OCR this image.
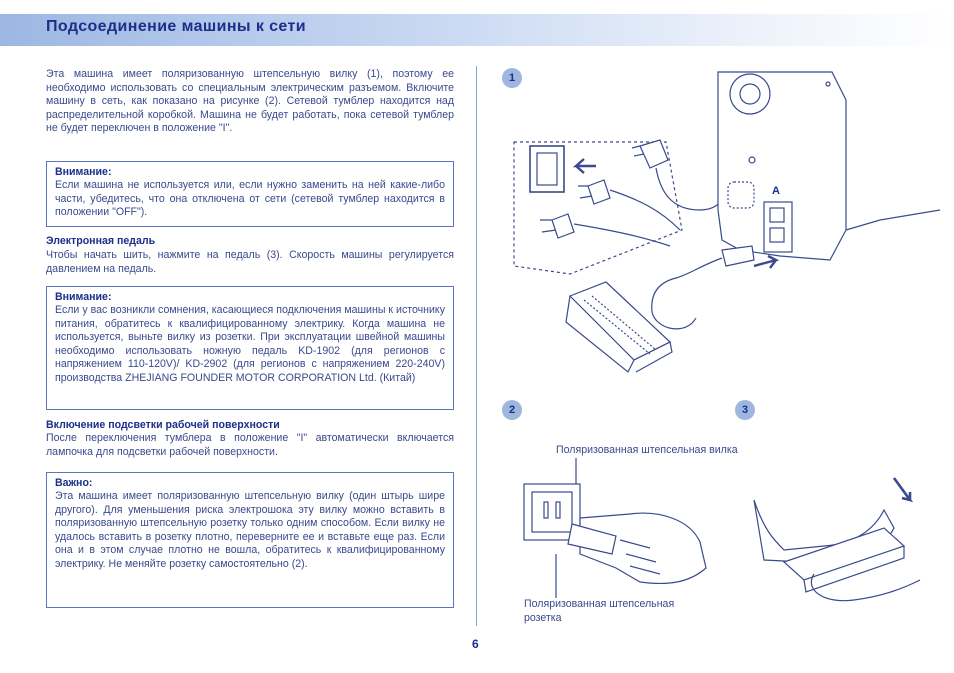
Подсоединение машины к сети
Эта машина имеет поляризованную штепсельную вилку (1), поэтому ее необходимо использовать со специальным электрическим разъемом. Включите машину в сеть, как показано на рисунке (2). Сетевой тумблер находится над распределительной коробкой. Машина не будет работать, пока сетевой тумблер не будет переключен в положение "I".
Внимание:
Если машина не используется или, если нужно заменить на ней какие-либо части, убедитесь, что она отключена от сети (сетевой тумблер находится в положении "OFF").
Электронная педаль
Чтобы начать шить, нажмите на педаль (3). Скорость машины регулируется давлением на педаль.
Внимание:
Если у вас возникли сомнения, касающиеся подключения машины к источнику питания, обратитесь к квалифицированному электрику. Когда машина не используется, выньте вилку из розетки. При эксплуатации швейной машины необходимо использовать ножную педаль KD-1902 (для регионов с напряжением 110-120V)/ KD-2902 (для регионов с напряжением 220-240V) производства ZHEJIANG FOUNDER MOTOR CORPORATION Ltd. (Китай)
Включение подсветки рабочей поверхности
После переключения тумблера в положение "I" автоматически включается лампочка для подсветки рабочей поверхности.
Важно:
Эта машина имеет поляризованную штепсельную вилку (один штырь шире другого). Для уменьшения риска электрошока эту вилку можно вставить в поляризованную штепсельную розетку только одним способом. Если вилку не удалось вставить в розетку плотно, переверните ее и вставьте еще раз. Если она и в этом случае плотно не вошла, обратитесь к квалифицированному электрику. Не меняйте розетку самостоятельно (2).
1
A
2
Поляризованная штепсельная вилка
Поляризованная штепсельная
розетка
3
6
